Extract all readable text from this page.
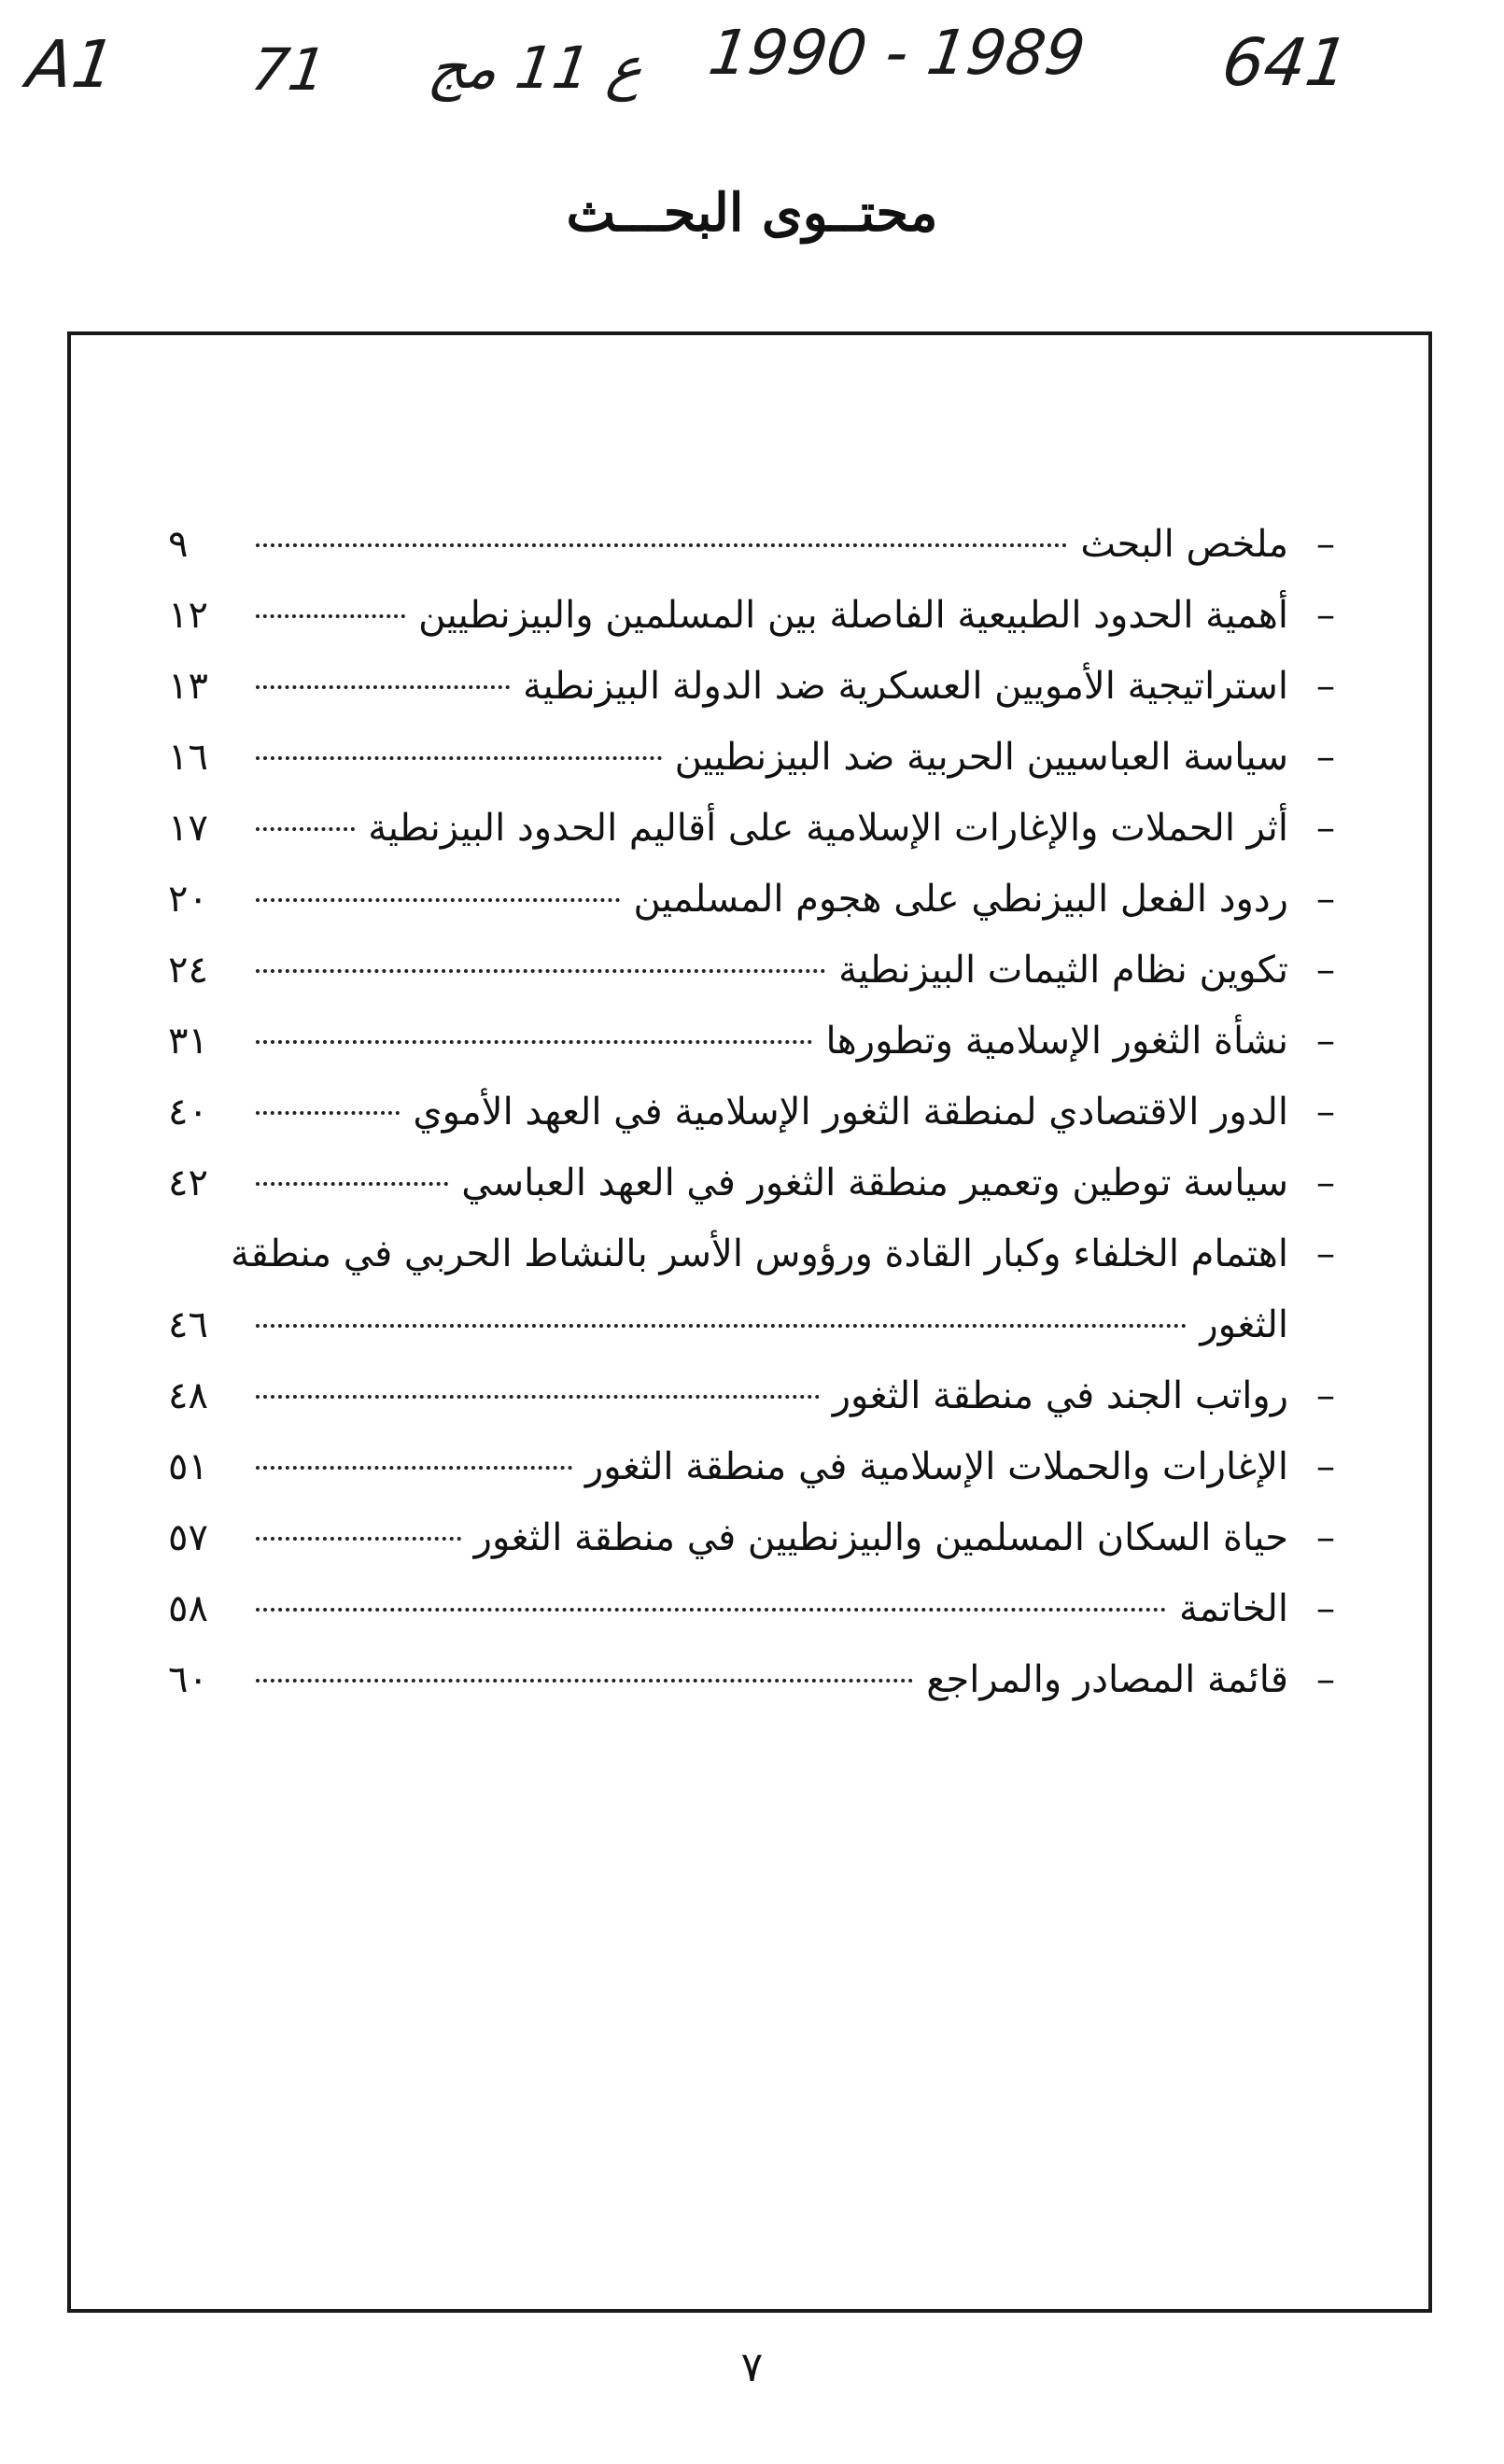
A1 71 ع 11 مج 1990 - 1989 641
محتــوى البحـــث
–
ملخص البحث
٩
–
أهمية الحدود الطبيعية الفاصلة بين المسلمين والبيزنطيين
١٢
–
استراتيجية الأمويين العسكرية ضد الدولة البيزنطية
١٣
–
سياسة العباسيين الحربية ضد البيزنطيين
١٦
–
أثر الحملات والإغارات الإسلامية على أقاليم الحدود البيزنطية
١٧
–
ردود الفعل البيزنطي على هجوم المسلمين
٢٠
–
تكوين نظام الثيمات البيزنطية
٢٤
–
نشأة الثغور الإسلامية وتطورها
٣١
–
الدور الاقتصادي لمنطقة الثغور الإسلامية في العهد الأموي
٤٠
–
سياسة توطين وتعمير منطقة الثغور في العهد العباسي
٤٢
–
اهتمام الخلفاء وكبار القادة ورؤوس الأسر بالنشاط الحربي في منطقة
الثغور
٤٦
–
رواتب الجند في منطقة الثغور
٤٨
–
الإغارات والحملات الإسلامية في منطقة الثغور
٥١
–
حياة السكان المسلمين والبيزنطيين في منطقة الثغور
٥٧
–
الخاتمة
٥٨
–
قائمة المصادر والمراجع
٦٠
٧
